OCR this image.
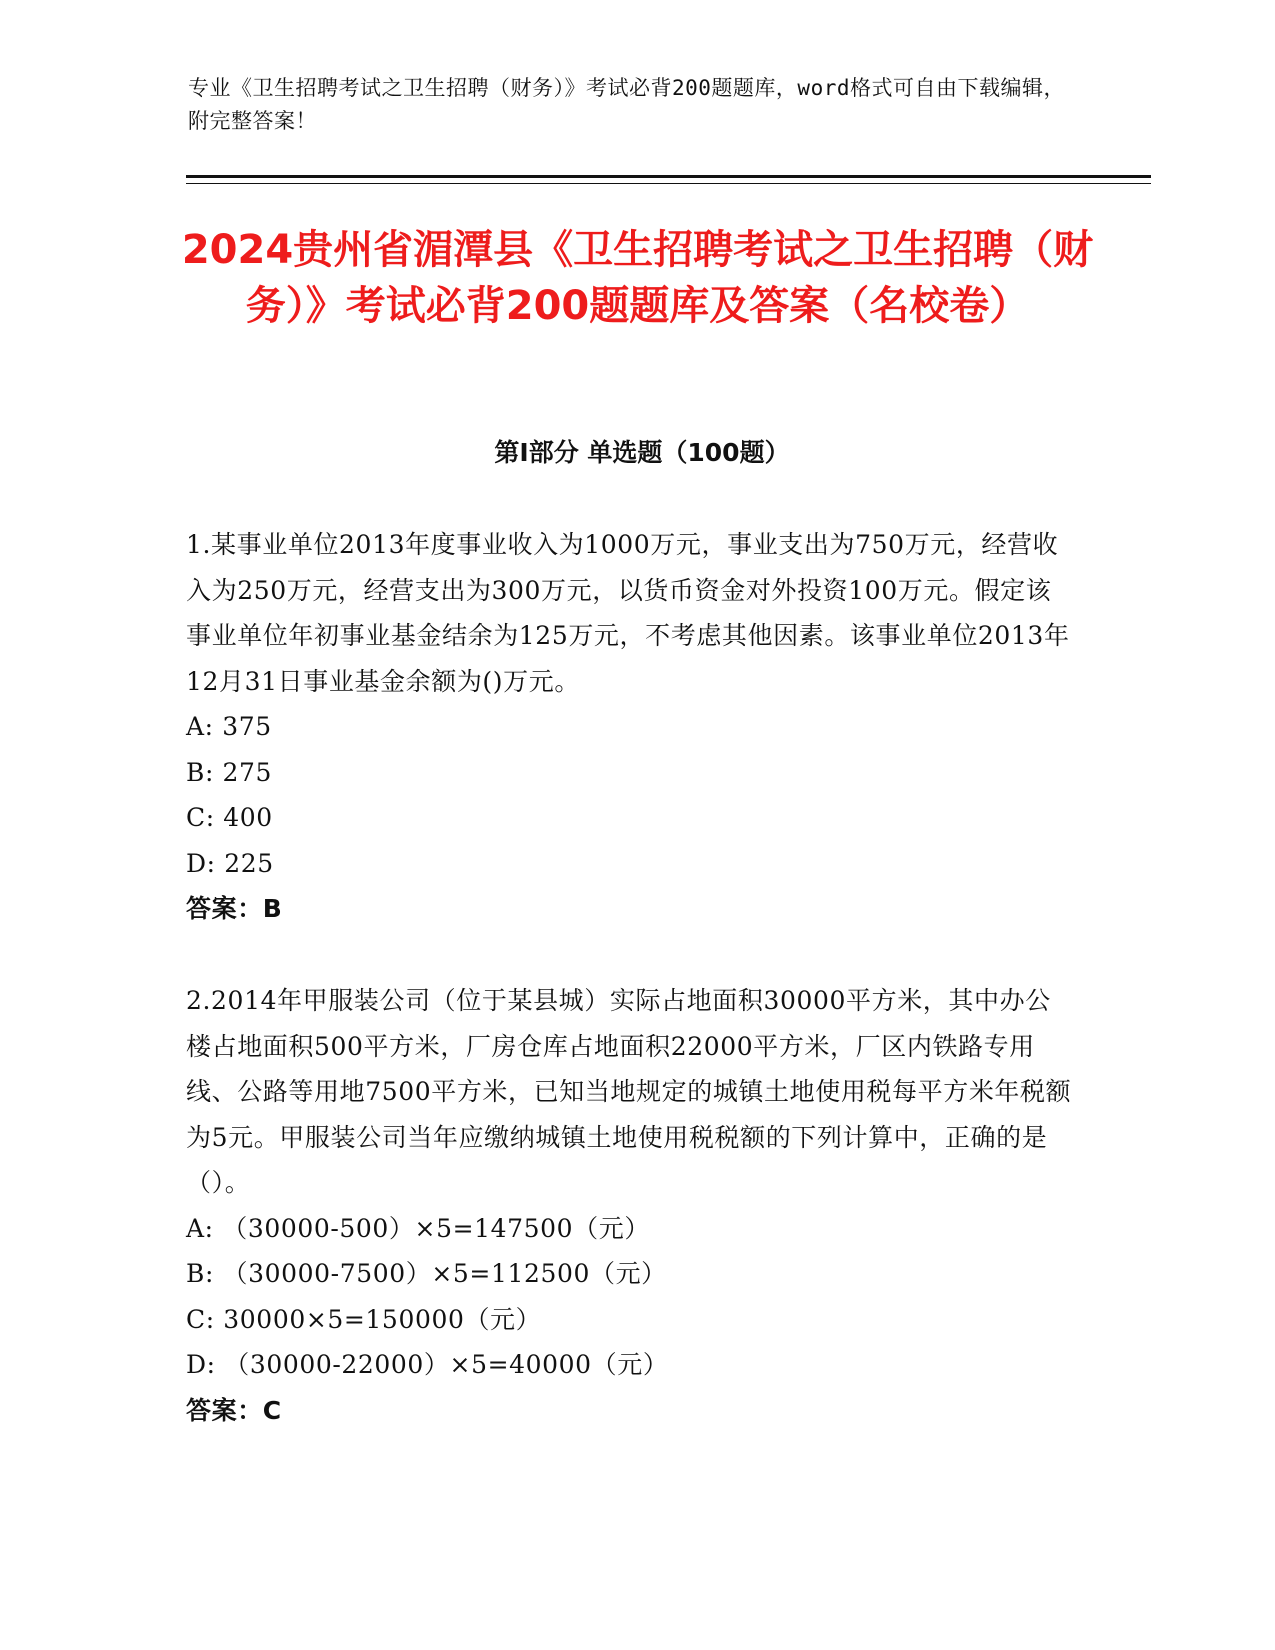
专业《卫生招聘考试之卫生招聘（财务）》考试必背200题题库，word格式可自由下载编辑，附完整答案！
2024贵州省湄潭县《卫生招聘考试之卫生招聘（财务）》考试必背200题题库及答案（名校卷）
第I部分 单选题（100题）

1.某事业单位2013年度事业收入为1000万元，事业支出为750万元，经营收入为250万元，经营支出为300万元，以货币资金对外投资100万元。假定该事业单位年初事业基金结余为125万元，不考虑其他因素。该事业单位2013年12月31日事业基金余额为()万元。

A: 375

B: 275

C: 400

D: 225

答案：B

2.2014年甲服装公司（位于某县城）实际占地面积30000平方米，其中办公楼占地面积500平方米，厂房仓库占地面积22000平方米，厂区内铁路专用线、公路等用地7500平方米，已知当地规定的城镇土地使用税每平方米年税额为5元。甲服装公司当年应缴纳城镇土地使用税税额的下列计算中，正确的是（）。

A: （30000-500）×5=147500（元）

B: （30000-7500）×5=112500（元）

C: 30000×5=150000（元）

D: （30000-22000）×5=40000（元）

答案：C
